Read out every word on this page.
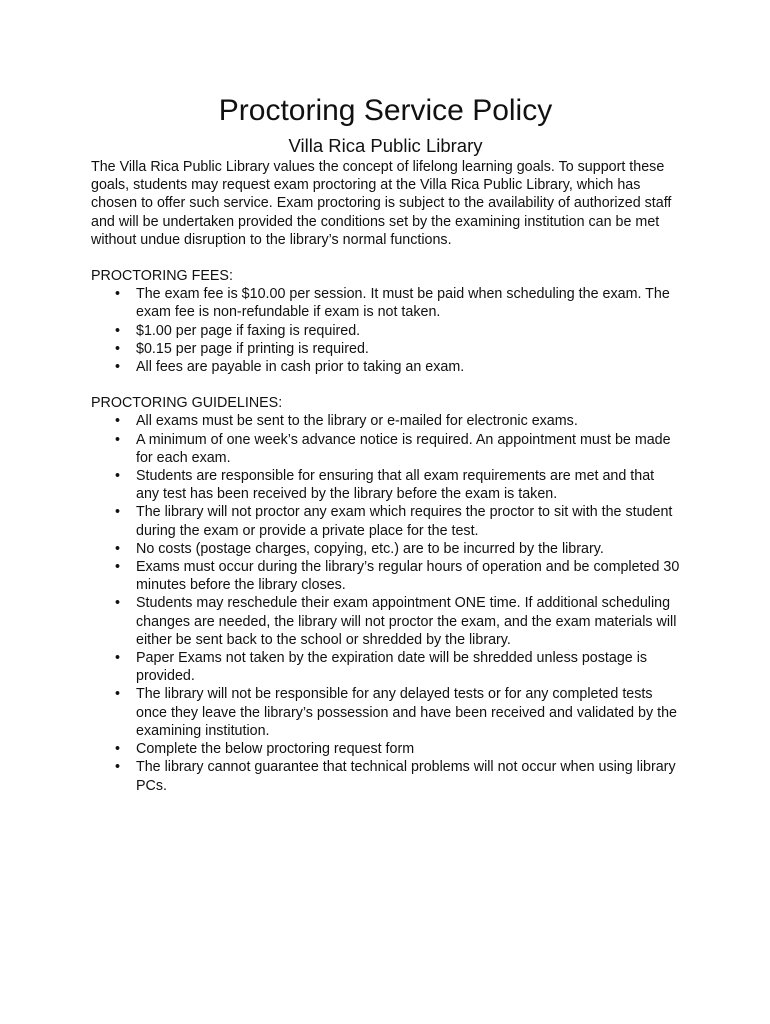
Proctoring Service Policy
Villa Rica Public Library

The Villa Rica Public Library values the concept of lifelong learning goals. To support these goals, students may request exam proctoring at the Villa Rica Public Library, which has chosen to offer such service. Exam proctoring is subject to the availability of authorized staff and will be undertaken provided the conditions set by the examining institution can be met without undue disruption to the library’s normal functions.

PROCTORING FEES:
• The exam fee is $10.00 per session. It must be paid when scheduling the exam. The exam fee is non-refundable if exam is not taken.
• $1.00 per page if faxing is required.
• $0.15 per page if printing is required.
• All fees are payable in cash prior to taking an exam.
PROCTORING GUIDELINES:
• All exams must be sent to the library or e-mailed for electronic exams.
• A minimum of one week’s advance notice is required. An appointment must be made for each exam.
• Students are responsible for ensuring that all exam requirements are met and that any test has been received by the library before the exam is taken.
• The library will not proctor any exam which requires the proctor to sit with the student during the exam or provide a private place for the test.
• No costs (postage charges, copying, etc.) are to be incurred by the library.
• Exams must occur during the library’s regular hours of operation and be completed 30 minutes before the library closes.
• Students may reschedule their exam appointment ONE time. If additional scheduling changes are needed, the library will not proctor the exam, and the exam materials will either be sent back to the school or shredded by the library.
• Paper Exams not taken by the expiration date will be shredded unless postage is provided.
• The library will not be responsible for any delayed tests or for any completed tests once they leave the library’s possession and have been received and validated by the examining institution.
• Complete the below proctoring request form
• The library cannot guarantee that technical problems will not occur when using library PCs.
